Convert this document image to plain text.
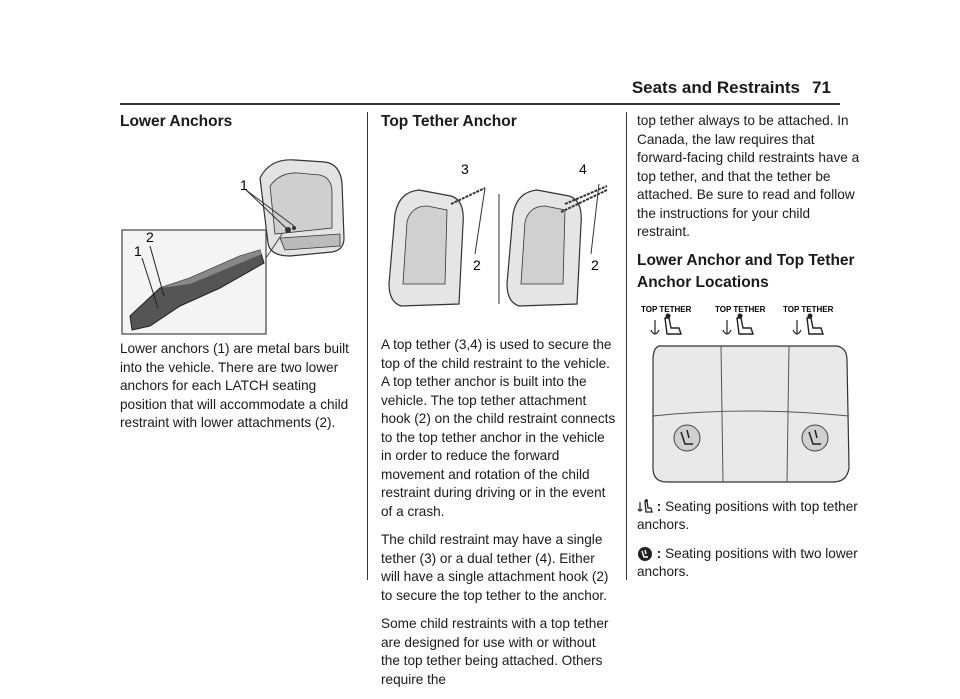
Seats and Restraints 71
Lower Anchors
1
2
1

Lower anchors (1) are metal bars built into the vehicle. There are two lower anchors for each LATCH seating position that will accommodate a child restraint with lower attachments (2).

Top Tether Anchor
3
2
4
2

A top tether (3,4) is used to secure the top of the child restraint to the vehicle. A top tether anchor is built into the vehicle. The top tether attachment hook (2) on the child restraint connects to the top tether anchor in the vehicle in order to reduce the forward movement and rotation of the child restraint during driving or in the event of a crash.

The child restraint may have a single tether (3) or a dual tether (4). Either will have a single attachment hook (2) to secure the top tether to the anchor.

Some child restraints with a top tether are designed for use with or without the top tether being attached. Others require the

top tether always to be attached. In Canada, the law requires that forward-facing child restraints have a top tether, and that the tether be attached. Be sure to read and follow the instructions for your child restraint.

Lower Anchor and Top Tether Anchor Locations
TOP TETHER	TOP TETHER TOP TETHER
: Seating positions with top tether anchors.
: Seating positions with two lower anchors.
